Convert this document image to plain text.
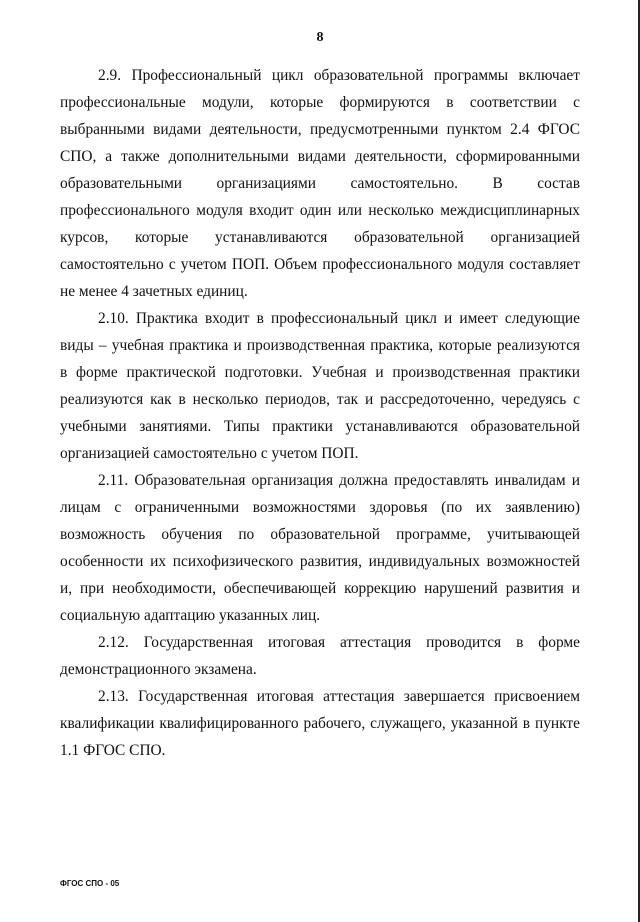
8

2.9. Профессиональный цикл образовательной программы включает профессиональные модули, которые формируются в соответствии с выбранными видами деятельности, предусмотренными пунктом 2.4 ФГОС СПО, а также дополнительными видами деятельности, сформированными образовательными организациями самостоятельно. В состав профессионального модуля входит один или несколько междисциплинарных курсов, которые устанавливаются образовательной организацией самостоятельно с учетом ПОП. Объем профессионального модуля составляет не менее 4 зачетных единиц.

2.10. Практика входит в профессиональный цикл и имеет следующие виды – учебная практика и производственная практика, которые реализуются в форме практической подготовки. Учебная и производственная практики реализуются как в несколько периодов, так и рассредоточенно, чередуясь с учебными занятиями. Типы практики устанавливаются образовательной организацией самостоятельно с учетом ПОП.

2.11. Образовательная организация должна предоставлять инвалидам и лицам с ограниченными возможностями здоровья (по их заявлению) возможность обучения по образовательной программе, учитывающей особенности их психофизического развития, индивидуальных возможностей и, при необходимости, обеспечивающей коррекцию нарушений развития и социальную адаптацию указанных лиц.

2.12. Государственная итоговая аттестация проводится в форме демонстрационного экзамена.

2.13. Государственная итоговая аттестация завершается присвоением квалификации квалифицированного рабочего, служащего, указанной в пункте 1.1 ФГОС СПО.

ФГОС СПО - 05
